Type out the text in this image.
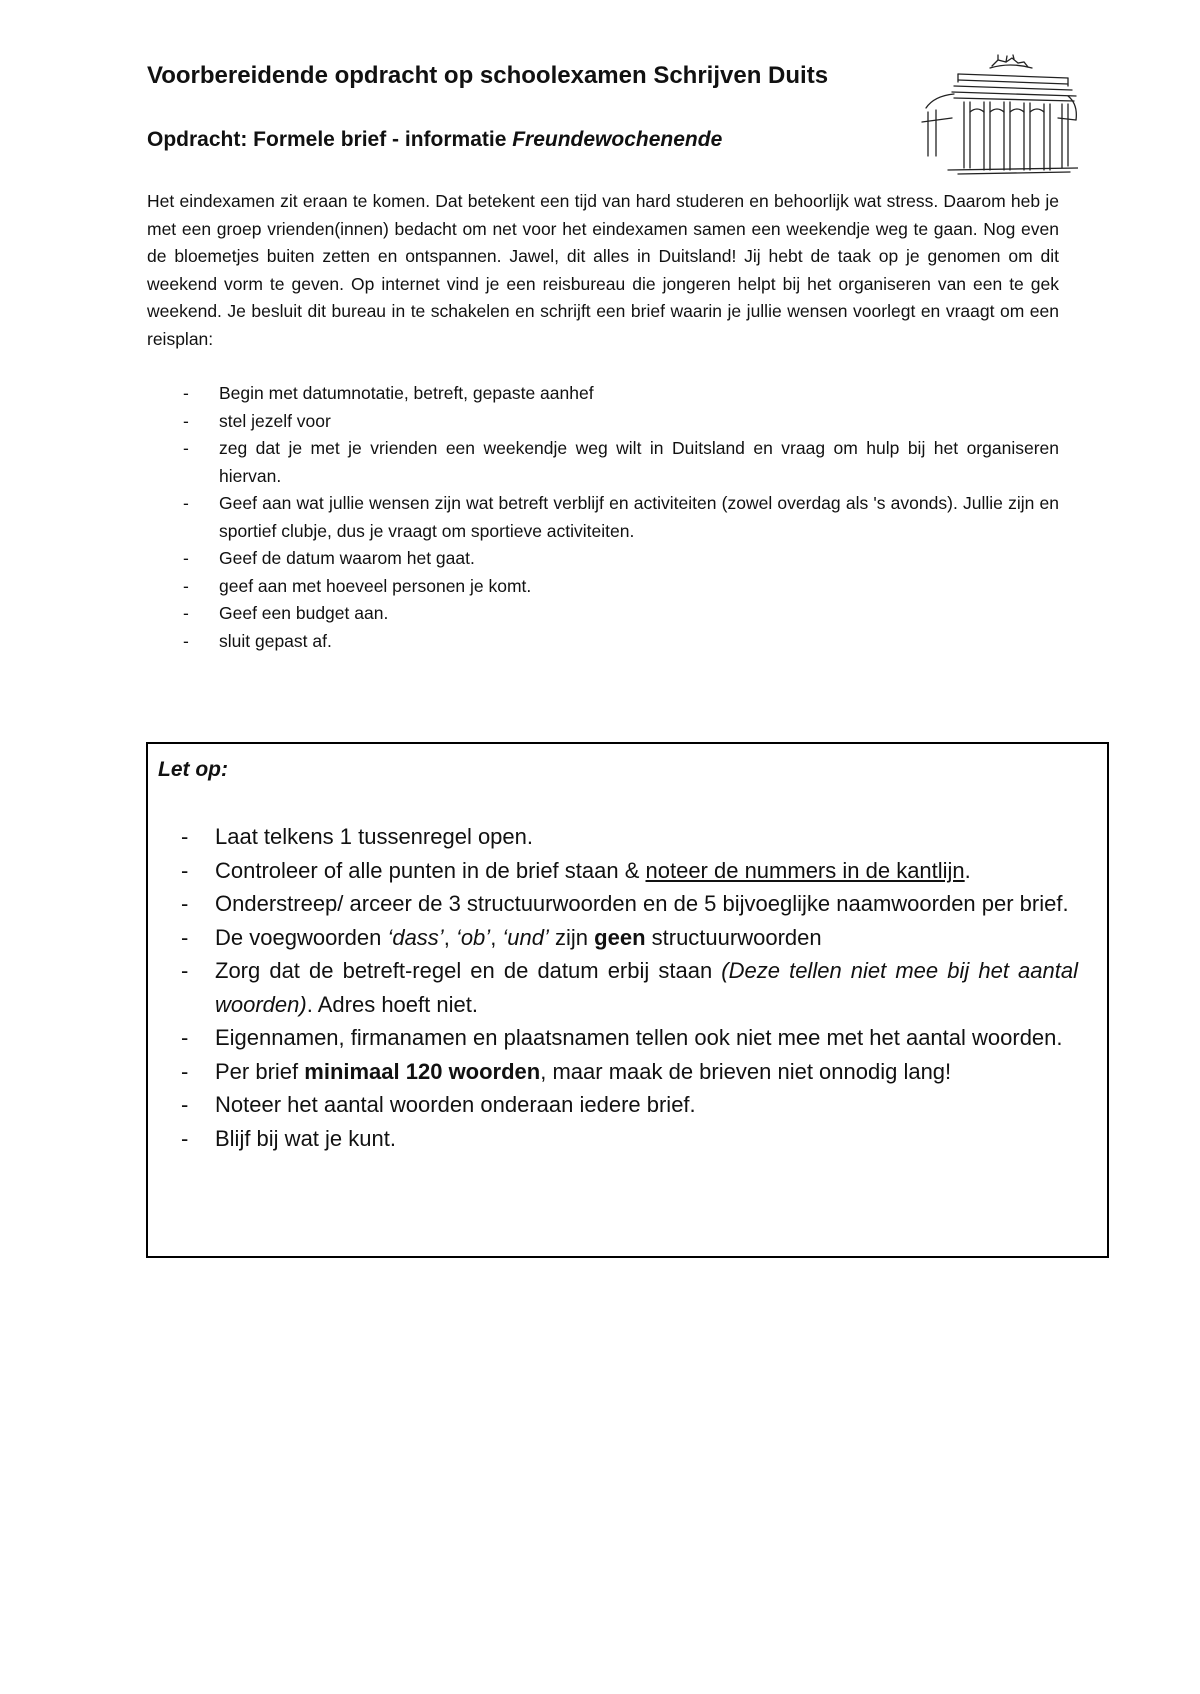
Voorbereidende opdracht op schoolexamen Schrijven Duits
Opdracht: Formele brief - informatie Freundewochenende

Het eindexamen zit eraan te komen. Dat betekent een tijd van hard studeren en behoorlijk wat stress. Daarom heb je met een groep vrienden(innen) bedacht om net voor het eindexamen samen een weekendje weg te gaan. Nog even de bloemetjes buiten zetten en ontspannen. Jawel, dit alles in Duitsland! Jij hebt de taak op je genomen om dit weekend vorm te geven. Op internet vind je een reisbureau die jongeren helpt bij het organiseren van een te gek weekend. Je besluit dit bureau in te schakelen en schrijft een brief waarin je jullie wensen voorlegt en vraagt om een reisplan:

- Begin met datumnotatie, betreft, gepaste aanhef
- stel jezelf voor
- zeg dat je met je vrienden een weekendje weg wilt in Duitsland en vraag om hulp bij het organiseren hiervan.
- Geef aan wat jullie wensen zijn wat betreft verblijf en activiteiten (zowel overdag als 's avonds). Jullie zijn en sportief clubje, dus je vraagt om sportieve activiteiten.
- Geef de datum waarom het gaat.
- geef aan met hoeveel personen je komt.
- Geef een budget aan.
- sluit gepast af.

Let op:

- Laat telkens 1 tussenregel open.
- Controleer of alle punten in de brief staan & noteer de nummers in de kantlijn.
- Onderstreep/ arceer de 3 structuurwoorden en de 5 bijvoeglijke naamwoorden per brief.
- De voegwoorden ‘dass’, ‘ob’, ‘und’ zijn geen structuurwoorden
- Zorg dat de betreft-regel en de datum erbij staan (Deze tellen niet mee bij het aantal woorden). Adres hoeft niet.
- Eigennamen, firmanamen en plaatsnamen tellen ook niet mee met het aantal woorden.
- Per brief minimaal 120 woorden, maar maak de brieven niet onnodig lang!
- Noteer het aantal woorden onderaan iedere brief.
- Blijf bij wat je kunt.
